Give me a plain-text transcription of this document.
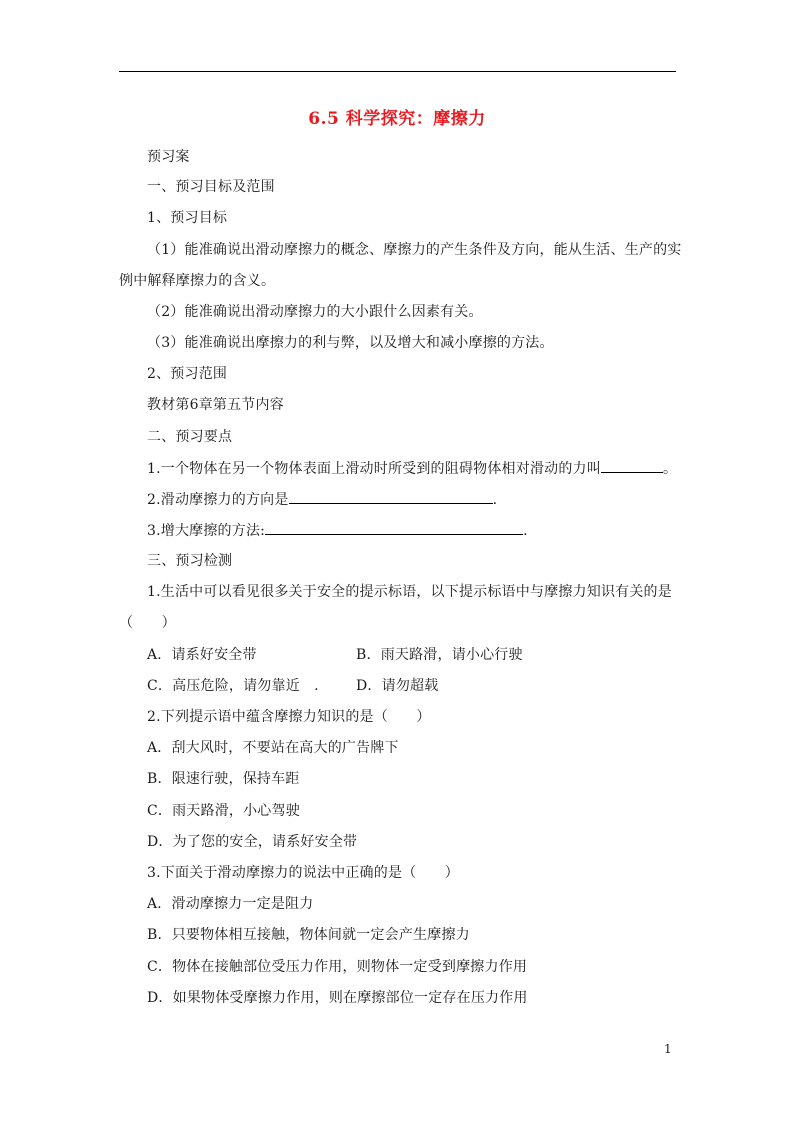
6.5 科学探究：摩擦力
预习案
一、预习目标及范围
1、预习目标
（1）能准确说出滑动摩擦力的概念、摩擦力的产生条件及方向，能从生活、生产的实
例中解释摩擦力的含义。
（2）能准确说出滑动摩擦力的大小跟什么因素有关。
（3）能准确说出摩擦力的利与弊，以及增大和减小摩擦的方法。
2、预习范围
教材第6章第五节内容
二、预习要点
1.一个物体在另一个物体表面上滑动时所受到的阻碍物体相对滑动的力叫	。
2.滑动摩擦力的方向是	.
3.增大摩擦的方法:	.
三、预习检测
1.生活中可以看见很多关于安全的提示标语，以下提示标语中与摩擦力知识有关的是
（　　）
A．请系好安全带	B．雨天路滑，请小心行驶
C．高压危险，请勿靠近　.	D．请勿超载
2.下列提示语中蕴含摩擦力知识的是（　　）
A．刮大风时，不要站在高大的广告牌下
B．限速行驶，保持车距
C．雨天路滑，小心驾驶
D．为了您的安全，请系好安全带
3.下面关于滑动摩擦力的说法中正确的是（　　）
A．滑动摩擦力一定是阻力
B．只要物体相互接触，物体间就一定会产生摩擦力
C．物体在接触部位受压力作用，则物体一定受到摩擦力作用
D．如果物体受摩擦力作用，则在摩擦部位一定存在压力作用
1
